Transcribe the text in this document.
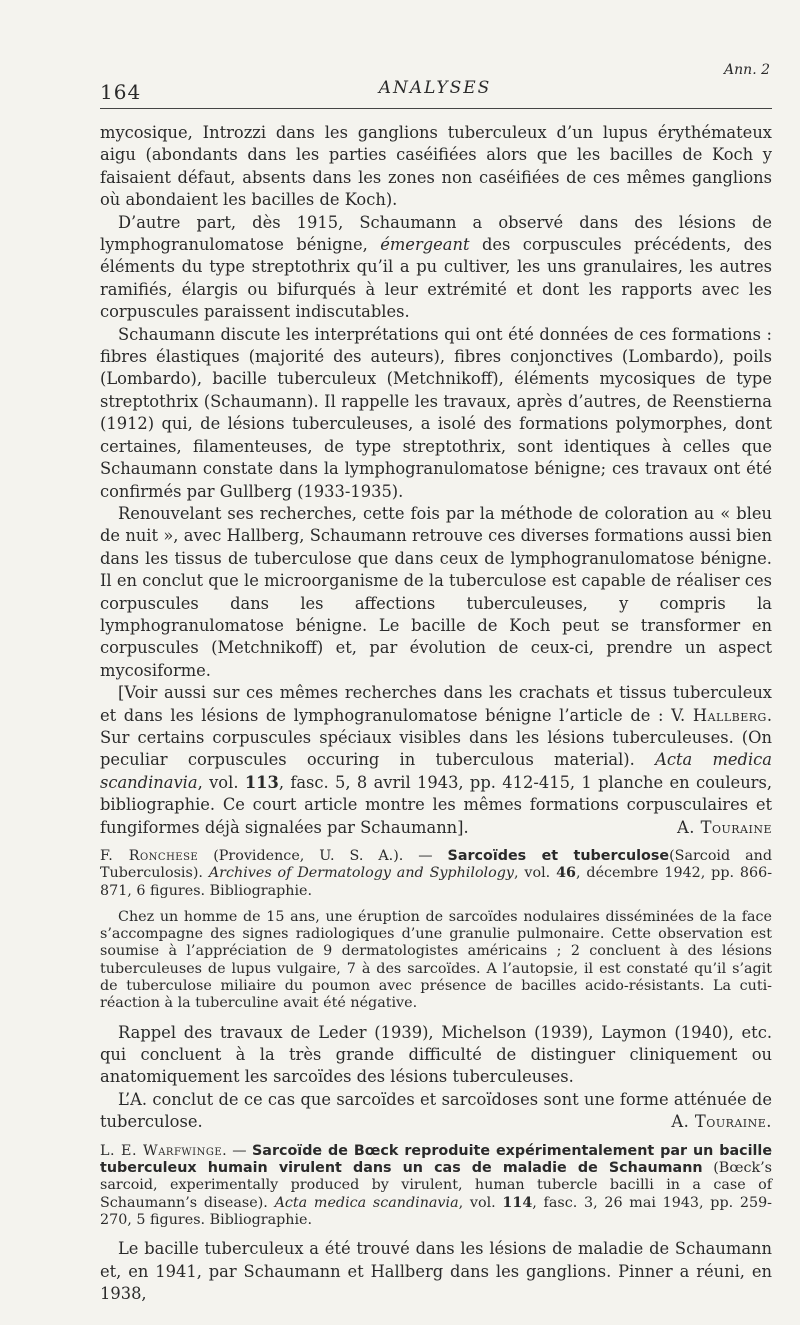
164	ANALYSES
Ann. 2

mycosique, Introzzi dans les ganglions tuberculeux d’un lupus érythémateux aigu (abondants dans les parties caséifiées alors que les bacilles de Koch y faisaient défaut, absents dans les zones non caséifiées de ces mêmes ganglions où abondaient les bacilles de Koch).

D’autre part, dès 1915, Schaumann a observé dans des lésions de lymphogranulomatose bénigne, émergeant des corpuscules précédents, des éléments du type streptothrix qu’il a pu cultiver, les uns granulaires, les autres ramifiés, élargis ou bifurqués à leur extrémité et dont les rapports avec les corpuscules paraissent indiscutables.

Schaumann discute les interprétations qui ont été données de ces formations : fibres élastiques (majorité des auteurs), fibres conjonctives (Lombardo), poils (Lombardo), bacille tuberculeux (Metchnikoff), éléments mycosiques de type streptothrix (Schaumann). Il rappelle les travaux, après d’autres, de Reenstierna (1912) qui, de lésions tuberculeuses, a isolé des formations polymorphes, dont certaines, filamenteuses, de type streptothrix, sont identiques à celles que Schaumann constate dans la lymphogranulomatose bénigne; ces travaux ont été confirmés par Gullberg (1933-1935).

Renouvelant ses recherches, cette fois par la méthode de coloration au « bleu de nuit », avec Hallberg, Schaumann retrouve ces diverses formations aussi bien dans les tissus de tuberculose que dans ceux de lymphogranulomatose bénigne. Il en conclut que le microorganisme de la tuberculose est capable de réaliser ces corpuscules dans les affections tuberculeuses, y compris la lymphogranulomatose bénigne. Le bacille de Koch peut se transformer en corpuscules (Metchnikoff) et, par évolution de ceux-ci, prendre un aspect mycosiforme.

[Voir aussi sur ces mêmes recherches dans les crachats et tissus tuberculeux et dans les lésions de lymphogranulomatose bénigne l’article de : V. Hallberg. Sur certains corpuscules spéciaux visibles dans les lésions tuberculeuses. (On peculiar corpuscules occuring in tuberculous material). Acta medica scandinavia, vol. 113, fasc. 5, 8 avril 1943, pp. 412-415, 1 planche en couleurs, bibliographie. Ce court article montre les mêmes formations corpusculaires et fungiformes déjà signalées par Schaumann].	A. Touraine

F. Ronchese (Providence, U. S. A.). — Sarcoïdes et tuberculose(Sarcoid and Tuberculosis). Archives of Dermatology and Syphilology, vol. 46, décembre 1942, pp. 866-871, 6 figures. Bibliographie.

Chez un homme de 15 ans, une éruption de sarcoïdes nodulaires disséminées de la face s’accompagne des signes radiologiques d’une granulie pulmonaire. Cette observation est soumise à l’appréciation de 9 dermatologistes américains ; 2 concluent à des lésions tuberculeuses de lupus vulgaire, 7 à des sarcoïdes. A l’autopsie, il est constaté qu’il s’agit de tuberculose miliaire du poumon avec présence de bacilles acido-résistants. La cuti-réaction à la tuberculine avait été négative.

Rappel des travaux de Leder (1939), Michelson (1939), Laymon (1940), etc. qui concluent à la très grande difficulté de distinguer cliniquement ou anatomiquement les sarcoïdes des lésions tuberculeuses.

L’A. conclut de ce cas que sarcoïdes et sarcoïdoses sont une forme atténuée de tuberculose.	A. Touraine.

L. E. Warfwinge. — Sarcoïde de Bœck reproduite expérimentalement par un bacille tuberculeux humain virulent dans un cas de maladie de Schaumann (Bœck’s sarcoid, experimentally produced by virulent, human tubercle bacilli in a case of Schaumann’s disease). Acta medica scandinavia, vol. 114, fasc. 3, 26 mai 1943, pp. 259-270, 5 figures. Bibliographie.

Le bacille tuberculeux a été trouvé dans les lésions de maladie de Schaumann et, en 1941, par Schaumann et Hallberg dans les ganglions. Pinner a réuni, en 1938,
